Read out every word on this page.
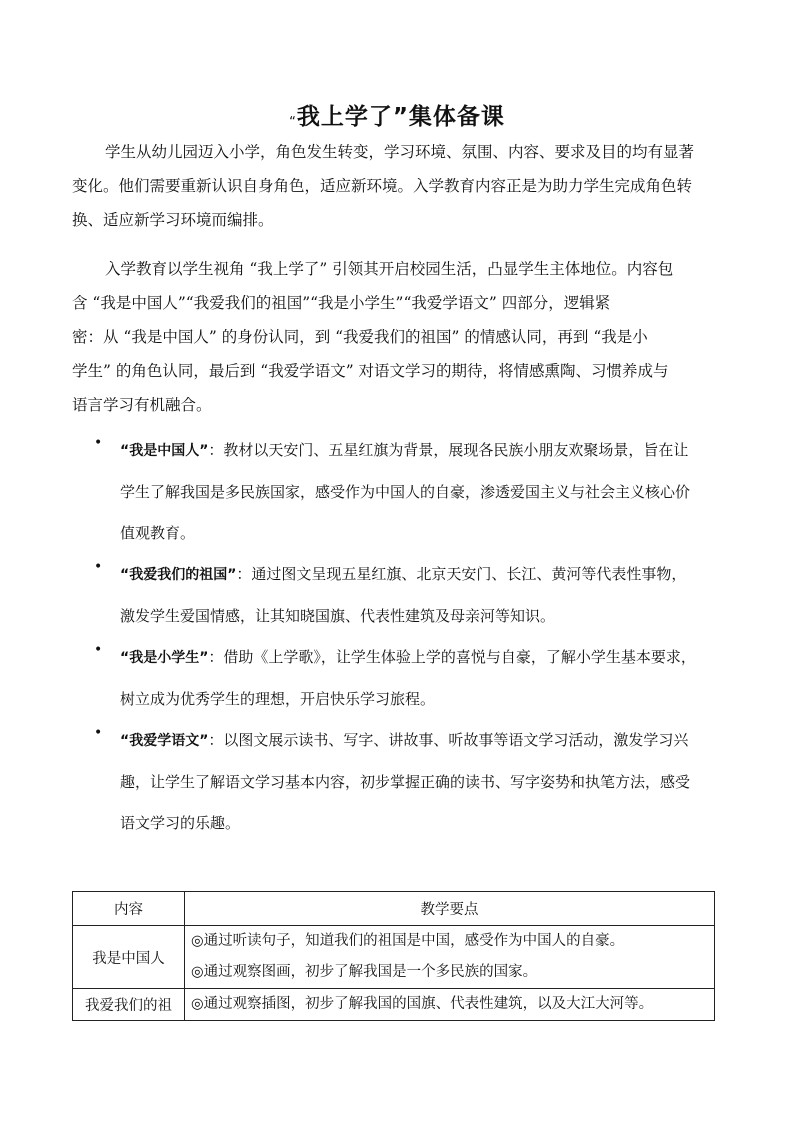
“我上学了”集体备课

学生从幼儿园迈入小学，角色发生转变，学习环境、氛围、内容、要求及目的均有显著
变化。他们需要重新认识自身角色，适应新环境。入学教育内容正是为助力学生完成角色转
换、适应新学习环境而编排。

入学教育以学生视角 “我上学了” 引领其开启校园生活，凸显学生主体地位。内容包
含 “我是中国人”“我爱我们的祖国”“我是小学生”“我爱学语文” 四部分，逻辑紧
密：从 “我是中国人” 的身份认同，到 “我爱我们的祖国” 的情感认同，再到 “我是小
学生” 的角色认同，最后到 “我爱学语文” 对语文学习的期待，将情感熏陶、习惯养成与
语言学习有机融合。

• “我是中国人”：教材以天安门、五星红旗为背景，展现各民族小朋友欢聚场景，旨在让
学生了解我国是多民族国家，感受作为中国人的自豪，渗透爱国主义与社会主义核心价
值观教育。
• “我爱我们的祖国”：通过图文呈现五星红旗、北京天安门、长江、黄河等代表性事物，
激发学生爱国情感，让其知晓国旗、代表性建筑及母亲河等知识。
• “我是小学生”：借助《上学歌》，让学生体验上学的喜悦与自豪，了解小学生基本要求，
树立成为优秀学生的理想，开启快乐学习旅程。
• “我爱学语文”：以图文展示读书、写字、讲故事、听故事等语文学习活动，激发学习兴
趣，让学生了解语文学习基本内容，初步掌握正确的读书、写字姿势和执笔方法，感受
语文学习的乐趣。
内容	教学要点
我是中国人	◎通过听读句子，知道我们的祖国是中国，感受作为中国人的自豪。
◎通过观察图画，初步了解我国是一个多民族的国家。

我爱我们的祖	◎通过观察插图，初步了解我国的国旗、代表性建筑，以及大江大河等。
